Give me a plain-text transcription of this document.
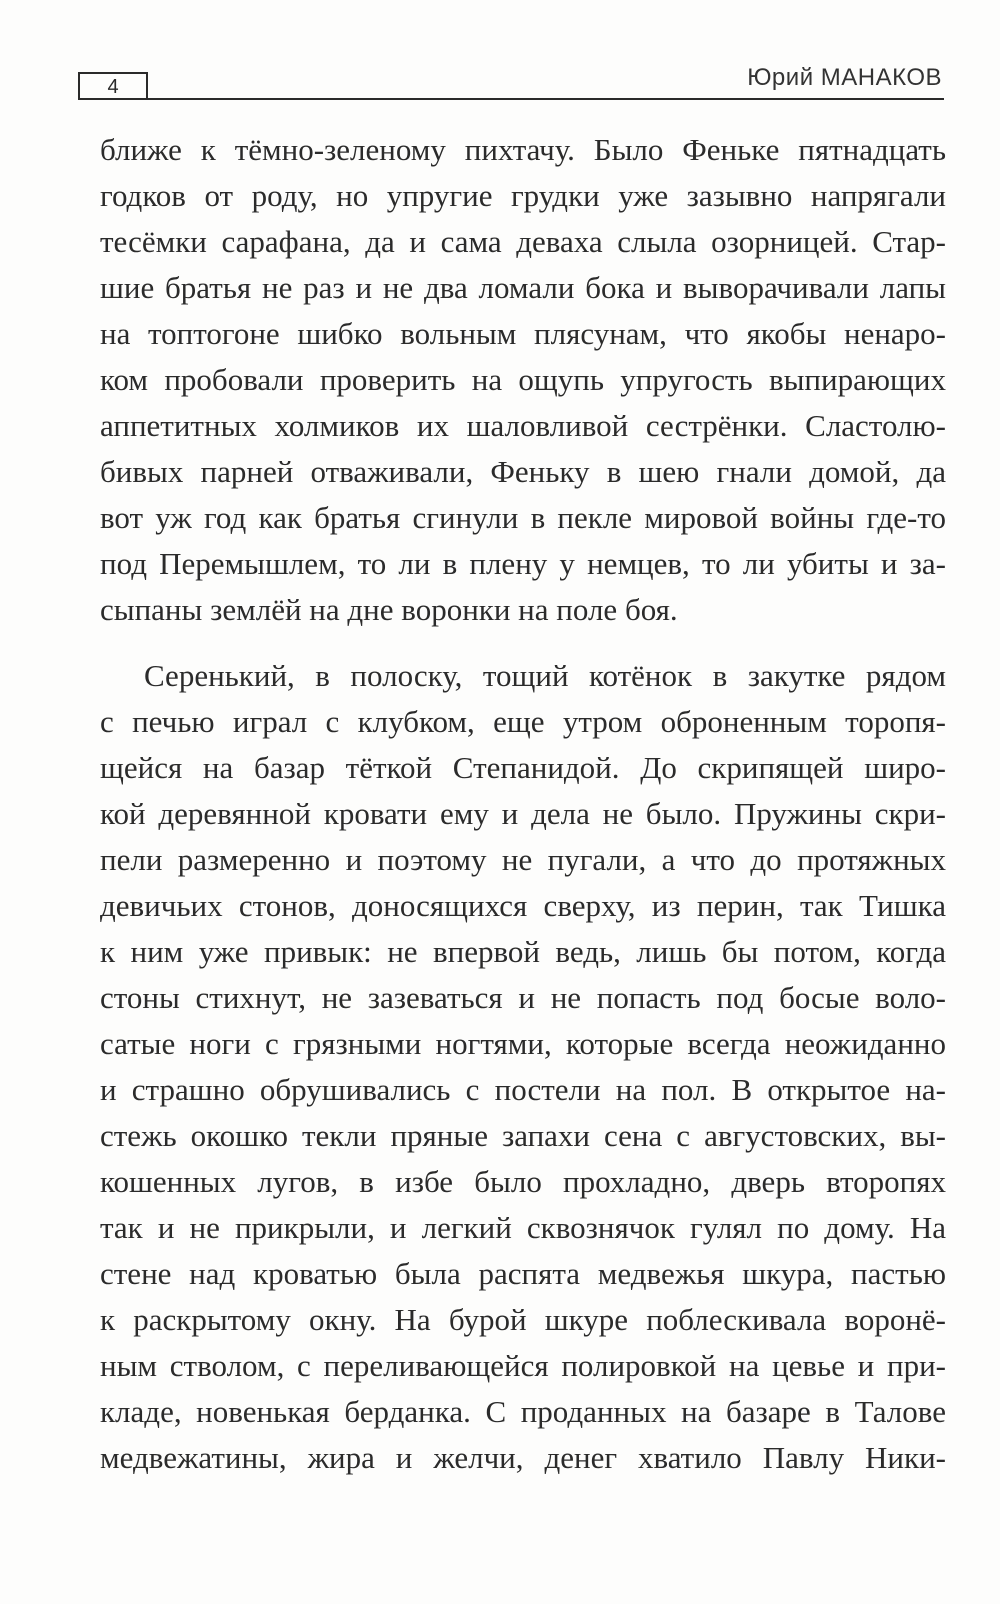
4	Юрий МАНАКОВ
ближе к тёмно-зеленому пихтачу. Было Феньке пятнадцать
годков от роду, но упругие грудки уже зазывно напрягали
тесёмки сарафана, да и сама деваха слыла озорницей. Стар-
шие братья не раз и не два ломали бока и выворачивали лапы
на топтогоне шибко вольным плясунам, что якобы ненаро-
ком пробовали проверить на ощупь упругость выпирающих
аппетитных холмиков их шаловливой сестрёнки. Сластолю-
бивых парней отваживали, Феньку в шею гнали домой, да
вот уж год как братья сгинули в пекле мировой войны где-то
под Перемышлем, то ли в плену у немцев, то ли убиты и за-
сыпаны землёй на дне воронки на поле боя.
Серенький, в полоску, тощий котёнок в закутке рядом
с печью играл с клубком, еще утром оброненным торопя-
щейся на базар тёткой Степанидой. До скрипящей широ-
кой деревянной кровати ему и дела не было. Пружины скри-
пели размеренно и поэтому не пугали, а что до протяжных
девичьих стонов, доносящихся сверху, из перин, так Тишка
к ним уже привык: не впервой ведь, лишь бы потом, когда
стоны стихнут, не зазеваться и не попасть под босые воло-
сатые ноги с грязными ногтями, которые всегда неожиданно
и страшно обрушивались с постели на пол. В открытое на-
стежь окошко текли пряные запахи сена с августовских, вы-
кошенных лугов, в избе было прохладно, дверь второпях
так и не прикрыли, и легкий сквознячок гулял по дому. На
стене над кроватью была распята медвежья шкура, пастью
к раскрытому окну. На бурой шкуре поблескивала воронё-
ным стволом, с переливающейся полировкой на цевье и при-
кладе, новенькая берданка. С проданных на базаре в Талове
медвежатины, жира и желчи, денег хватило Павлу Ники-
